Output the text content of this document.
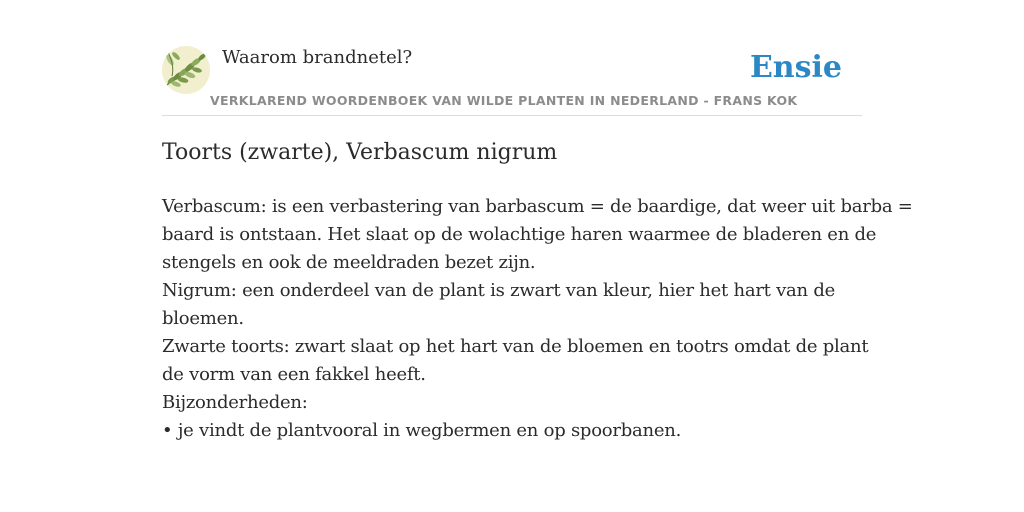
Waarom brandnetel?	Ensie
VERKLAREND WOORDENBOEK VAN WILDE PLANTEN IN NEDERLAND - FRANS KOK
Toorts (zwarte), Verbascum nigrum
Verbascum: is een verbastering van barbascum = de baardige, dat weer uit barba =
baard is ontstaan. Het slaat op de wolachtige haren waarmee de bladeren en de
stengels en ook de meeldraden bezet zijn.
Nigrum: een onderdeel van de plant is zwart van kleur, hier het hart van de
bloemen.
Zwarte toorts: zwart slaat op het hart van de bloemen en tootrs omdat de plant
de vorm van een fakkel heeft.
Bijzonderheden:
• je vindt de plantvooral in wegbermen en op spoorbanen.
